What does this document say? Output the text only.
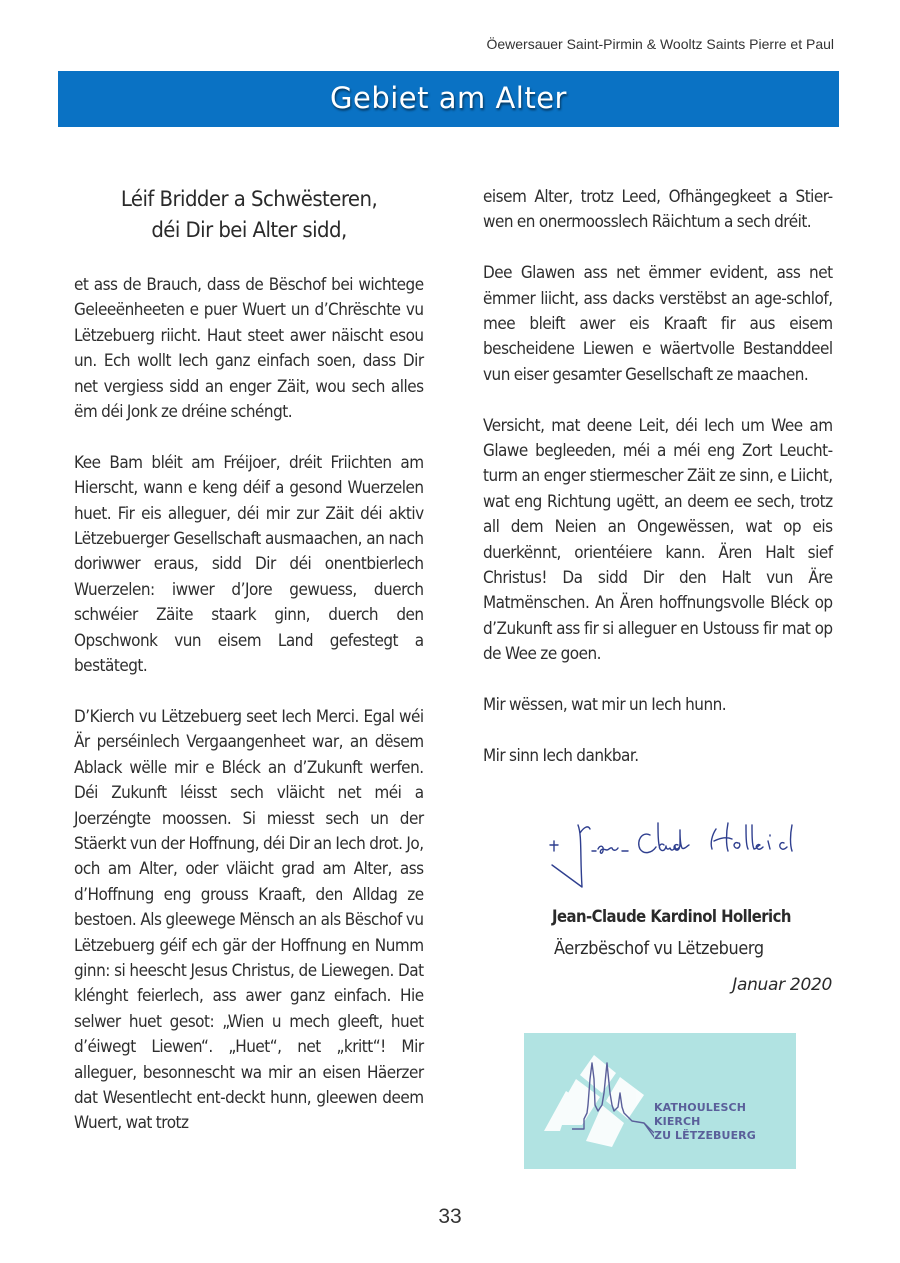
Öewersauer Saint-Pirmin & Wooltz Saints Pierre et Paul
Gebiet am Alter
Léif Bridder a Schwësteren,
déi Dir bei Alter sidd,

et ass de Brauch, dass de Bëschof bei wichtege Geleeënheeten e puer Wuert un d’Chrëschte vu Lëtzebuerg riicht. Haut steet awer näischt esou un. Ech wollt Iech ganz einfach soen, dass Dir net vergiess sidd an enger Zäit, wou sech alles ëm déi Jonk ze dréine schéngt.

Kee Bam bléit am Fréijoer, dréit Friichten am Hierscht, wann e keng déif a gesond Wuerzelen huet. Fir eis alleguer, déi mir zur Zäit déi aktiv Lëtzebuerger Gesellschaft ausmaachen, an nach doriwwer eraus, sidd Dir déi onentbierlech Wuerzelen: iwwer d’Jore gewuess, duerch schwéier Zäite staark ginn, duerch den Opschwonk vun eisem Land gefestegt a bestätegt.

D’Kierch vu Lëtzebuerg seet Iech Merci. Egal wéi Är perséinlech Vergaangenheet war, an dësem Ablack wëlle mir e Bléck an d’Zukunft werfen. Déi Zukunft léisst sech vläicht net méi a Joerzéngte moossen. Si miesst sech un der Stäerkt vun der Hoffnung, déi Dir an Iech drot. Jo, och am Alter, oder vläicht grad am Alter, ass d’Hoffnung eng grouss Kraaft, den Alldag ze bestoen. Als gleewege Mënsch an als Bëschof vu Lëtzebuerg géif ech gär der Hoffnung en Numm ginn: si heescht Jesus Christus, de Liewegen. Dat klénght feierlech, ass awer ganz einfach. Hie selwer huet gesot: „Wien u mech gleeft, huet d’éiwegt Liewen“. „Huet“, net „kritt“! Mir alleguer, besonnescht wa mir an eisen Häerzer dat Wesentlecht ent-deckt hunn, gleewen deem Wuert, wat trotz

eisem Alter, trotz Leed, Ofhängegkeet a Stier-wen en onermoosslech Räichtum a sech dréit.

Dee Glawen ass net ëmmer evident, ass net ëmmer liicht, ass dacks verstëbst an age-schlof, mee bleift awer eis Kraaft fir aus eisem bescheidene Liewen e wäertvolle Bestanddeel vun eiser gesamter Gesellschaft ze maachen.

Versicht, mat deene Leit, déi Iech um Wee am Glawe begleeden, méi a méi eng Zort Leucht-turm an enger stiermescher Zäit ze sinn, e Liicht, wat eng Richtung ugëtt, an deem ee sech, trotz all dem Neien an Ongewëssen, wat op eis duerkënnt, orientéiere kann. Ären Halt sief Christus! Da sidd Dir den Halt vun Äre Matmënschen. An Ären hoffnungsvolle Bléck op d’Zukunft ass fir si alleguer en Ustouss fir mat op de Wee ze goen.

Mir wëssen, wat mir un Iech hunn.

Mir sinn Iech dankbar.

Jean-Claude Kardinol Hollerich
Äerzbëschof vu Lëtzebuerg
Januar 2020
KATHOULESCH KIERCH
ZU LËTZEBUERG
33
